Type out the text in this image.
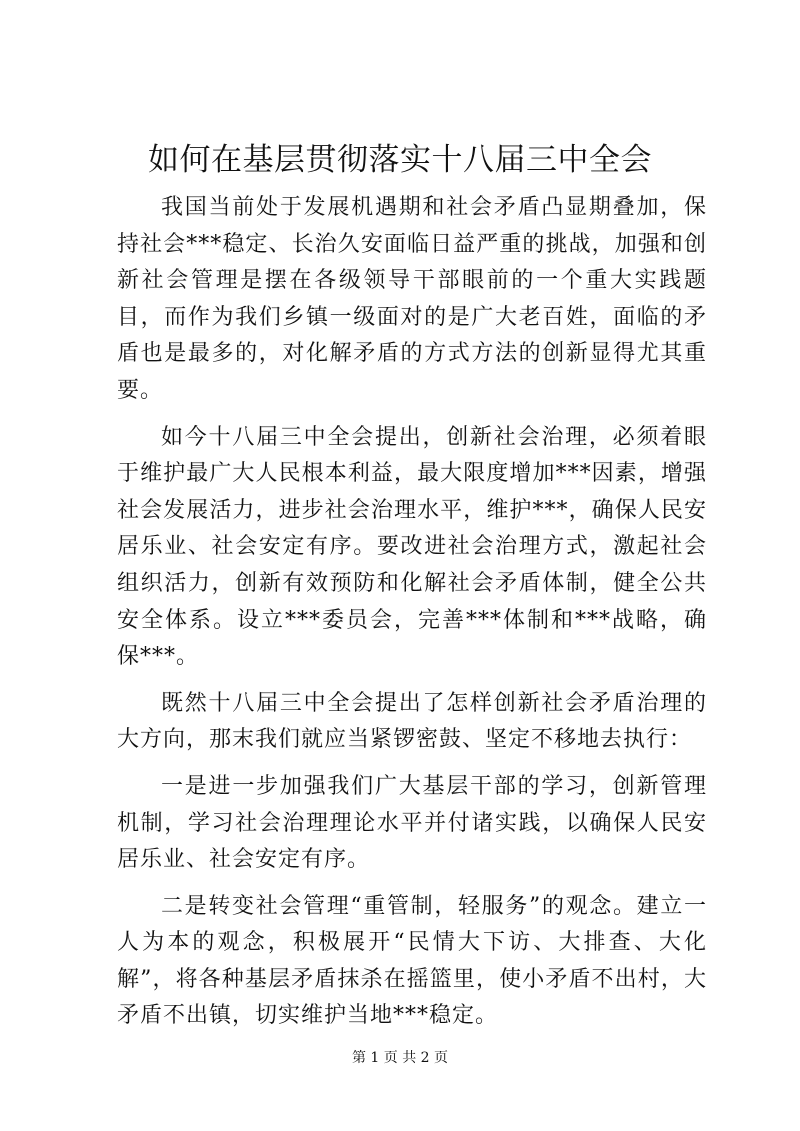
如何在基层贯彻落实十八届三中全会

我国当前处于发展机遇期和社会矛盾凸显期叠加，保持社会***稳定、长治久安面临日益严重的挑战，加强和创新社会管理是摆在各级领导干部眼前的一个重大实践题目，而作为我们乡镇一级面对的是广大老百姓，面临的矛盾也是最多的，对化解矛盾的方式方法的创新显得尤其重要。

如今十八届三中全会提出，创新社会治理，必须着眼于维护最广大人民根本利益，最大限度增加***因素，增强社会发展活力，进步社会治理水平，维护***，确保人民安居乐业、社会安定有序。要改进社会治理方式，激起社会组织活力，创新有效预防和化解社会矛盾体制，健全公共安全体系。设立***委员会，完善***体制和***战略，确保***。

既然十八届三中全会提出了怎样创新社会矛盾治理的大方向，那末我们就应当紧锣密鼓、坚定不移地去执行：

一是进一步加强我们广大基层干部的学习，创新管理机制，学习社会治理理论水平并付诸实践，以确保人民安居乐业、社会安定有序。

二是转变社会管理“重管制，轻服务”的观念。建立一人为本的观念，积极展开“民情大下访、大排查、大化解”，将各种基层矛盾抹杀在摇篮里，使小矛盾不出村，大矛盾不出镇，切实维护当地***稳定。

第 1 页 共 2 页
